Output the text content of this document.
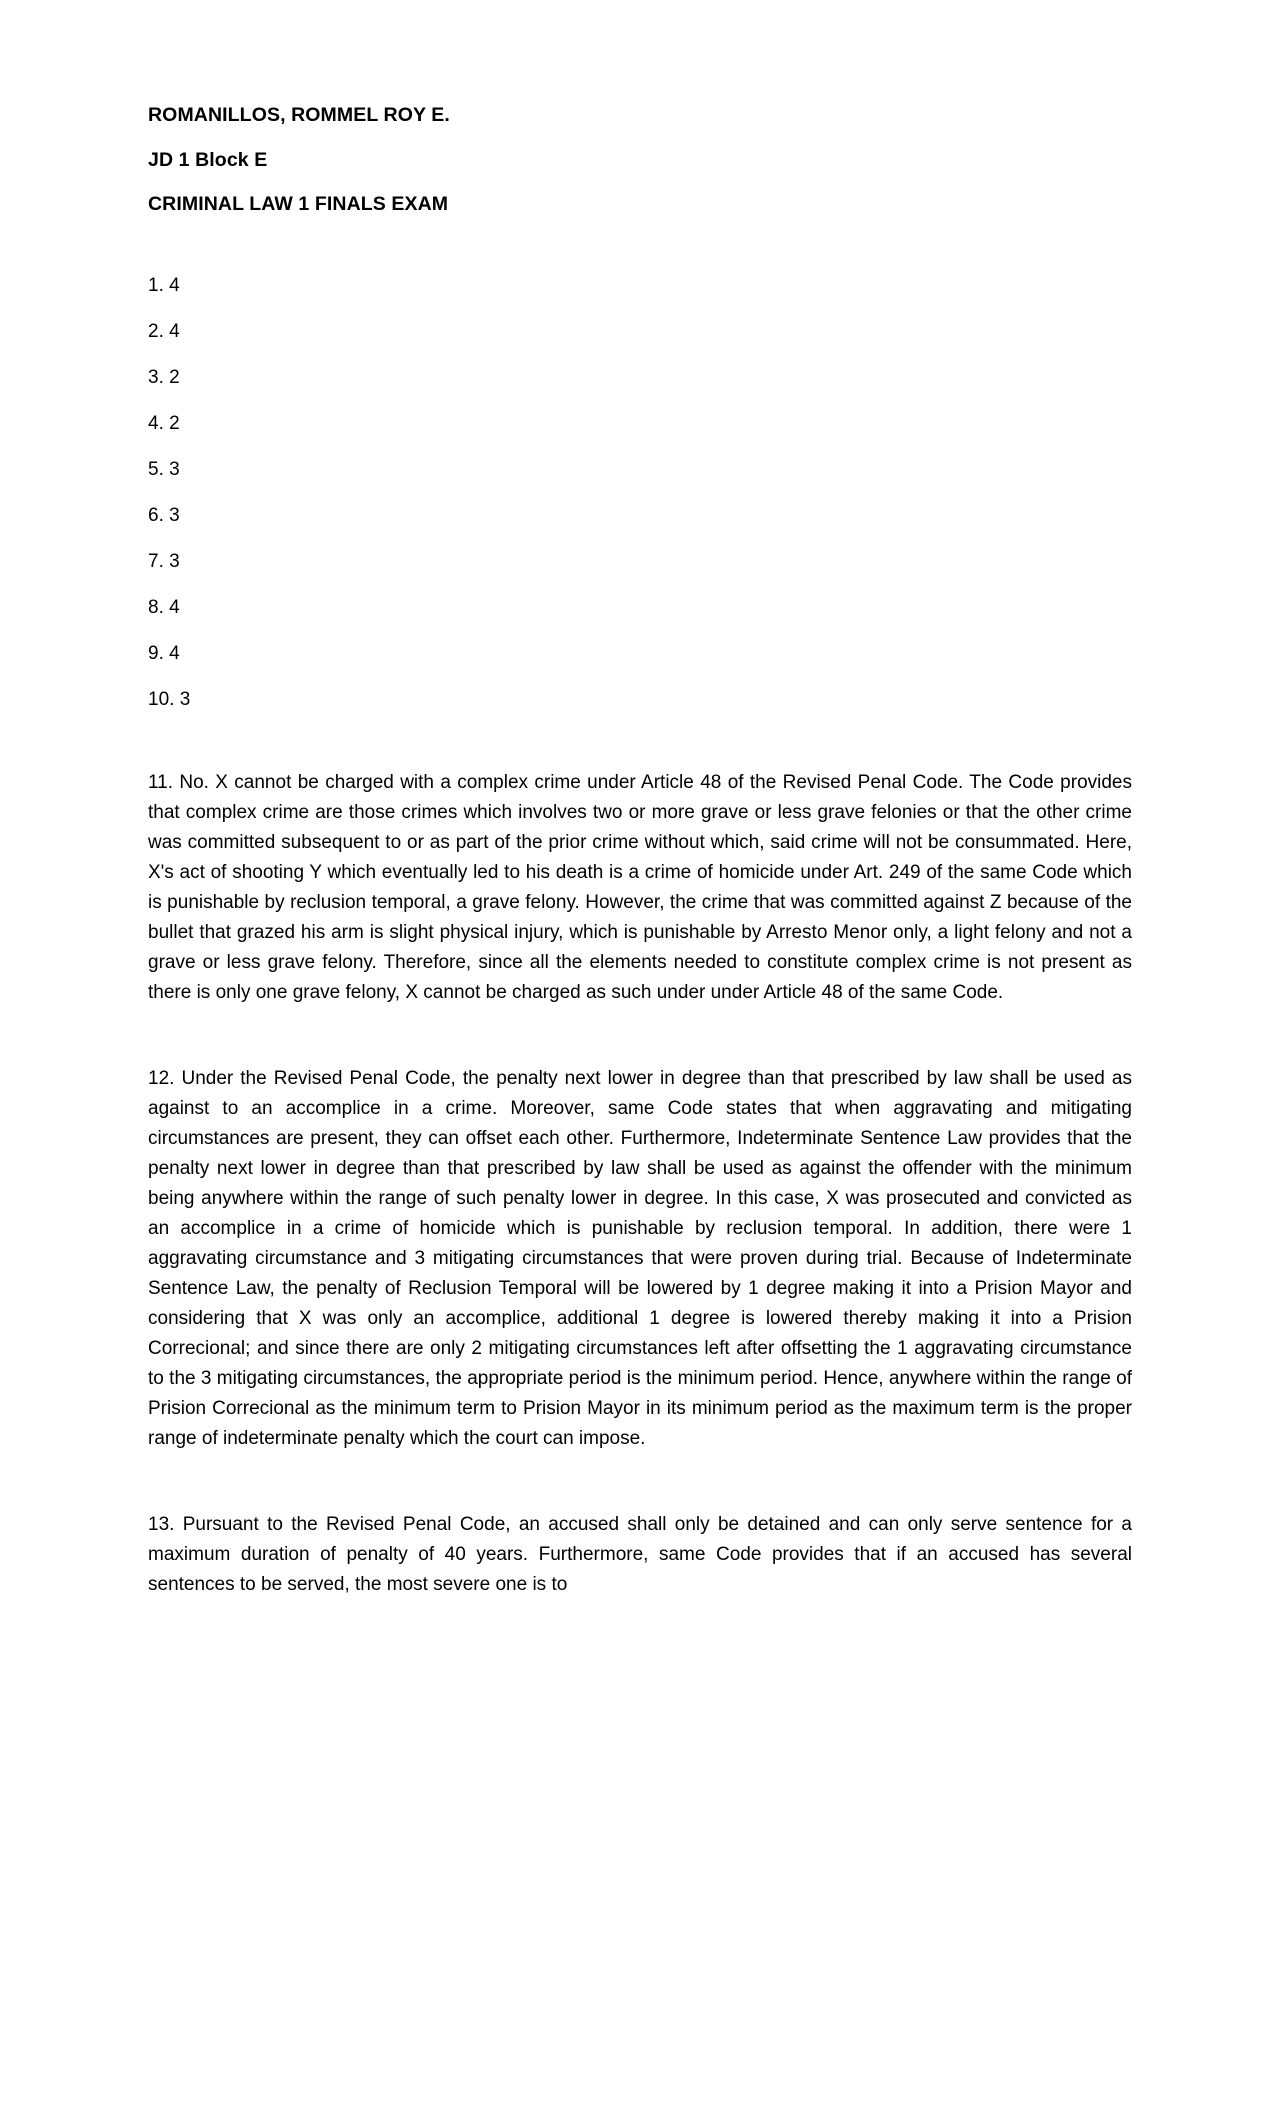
ROMANILLOS, ROMMEL ROY E.

JD 1 Block E

CRIMINAL LAW 1 FINALS EXAM

1. 4
2. 4
3. 2
4. 2
5. 3
6. 3
7. 3
8. 4
9. 4
10. 3

11. No. X cannot be charged with a complex crime under Article 48 of the Revised Penal Code. The Code provides that complex crime are those crimes which involves two or more grave or less grave felonies or that the other crime was committed subsequent to or as part of the prior crime without which, said crime will not be consummated. Here, X's act of shooting Y which eventually led to his death is a crime of homicide under Art. 249 of the same Code which is punishable by reclusion temporal, a grave felony. However, the crime that was committed against Z because of the bullet that grazed his arm is slight physical injury, which is punishable by Arresto Menor only, a light felony and not a grave or less grave felony. Therefore, since all the elements needed to constitute complex crime is not present as there is only one grave felony, X cannot be charged as such under under Article 48 of the same Code.

12. Under the Revised Penal Code, the penalty next lower in degree than that prescribed by law shall be used as against to an accomplice in a crime. Moreover, same Code states that when aggravating and mitigating circumstances are present, they can offset each other. Furthermore, Indeterminate Sentence Law provides that the penalty next lower in degree than that prescribed by law shall be used as against the offender with the minimum being anywhere within the range of such penalty lower in degree. In this case, X was prosecuted and convicted as an accomplice in a crime of homicide which is punishable by reclusion temporal. In addition, there were 1 aggravating circumstance and 3 mitigating circumstances that were proven during trial. Because of Indeterminate Sentence Law, the penalty of Reclusion Temporal will be lowered by 1 degree making it into a Prision Mayor and considering that X was only an accomplice, additional 1 degree is lowered thereby making it into a Prision Correcional; and since there are only 2 mitigating circumstances left after offsetting the 1 aggravating circumstance to the 3 mitigating circumstances, the appropriate period is the minimum period. Hence, anywhere within the range of Prision Correcional as the minimum term to Prision Mayor in its minimum period as the maximum term is the proper range of indeterminate penalty which the court can impose.

13. Pursuant to the Revised Penal Code, an accused shall only be detained and can only serve sentence for a maximum duration of penalty of 40 years. Furthermore, same Code provides that if an accused has several sentences to be served, the most severe one is to
